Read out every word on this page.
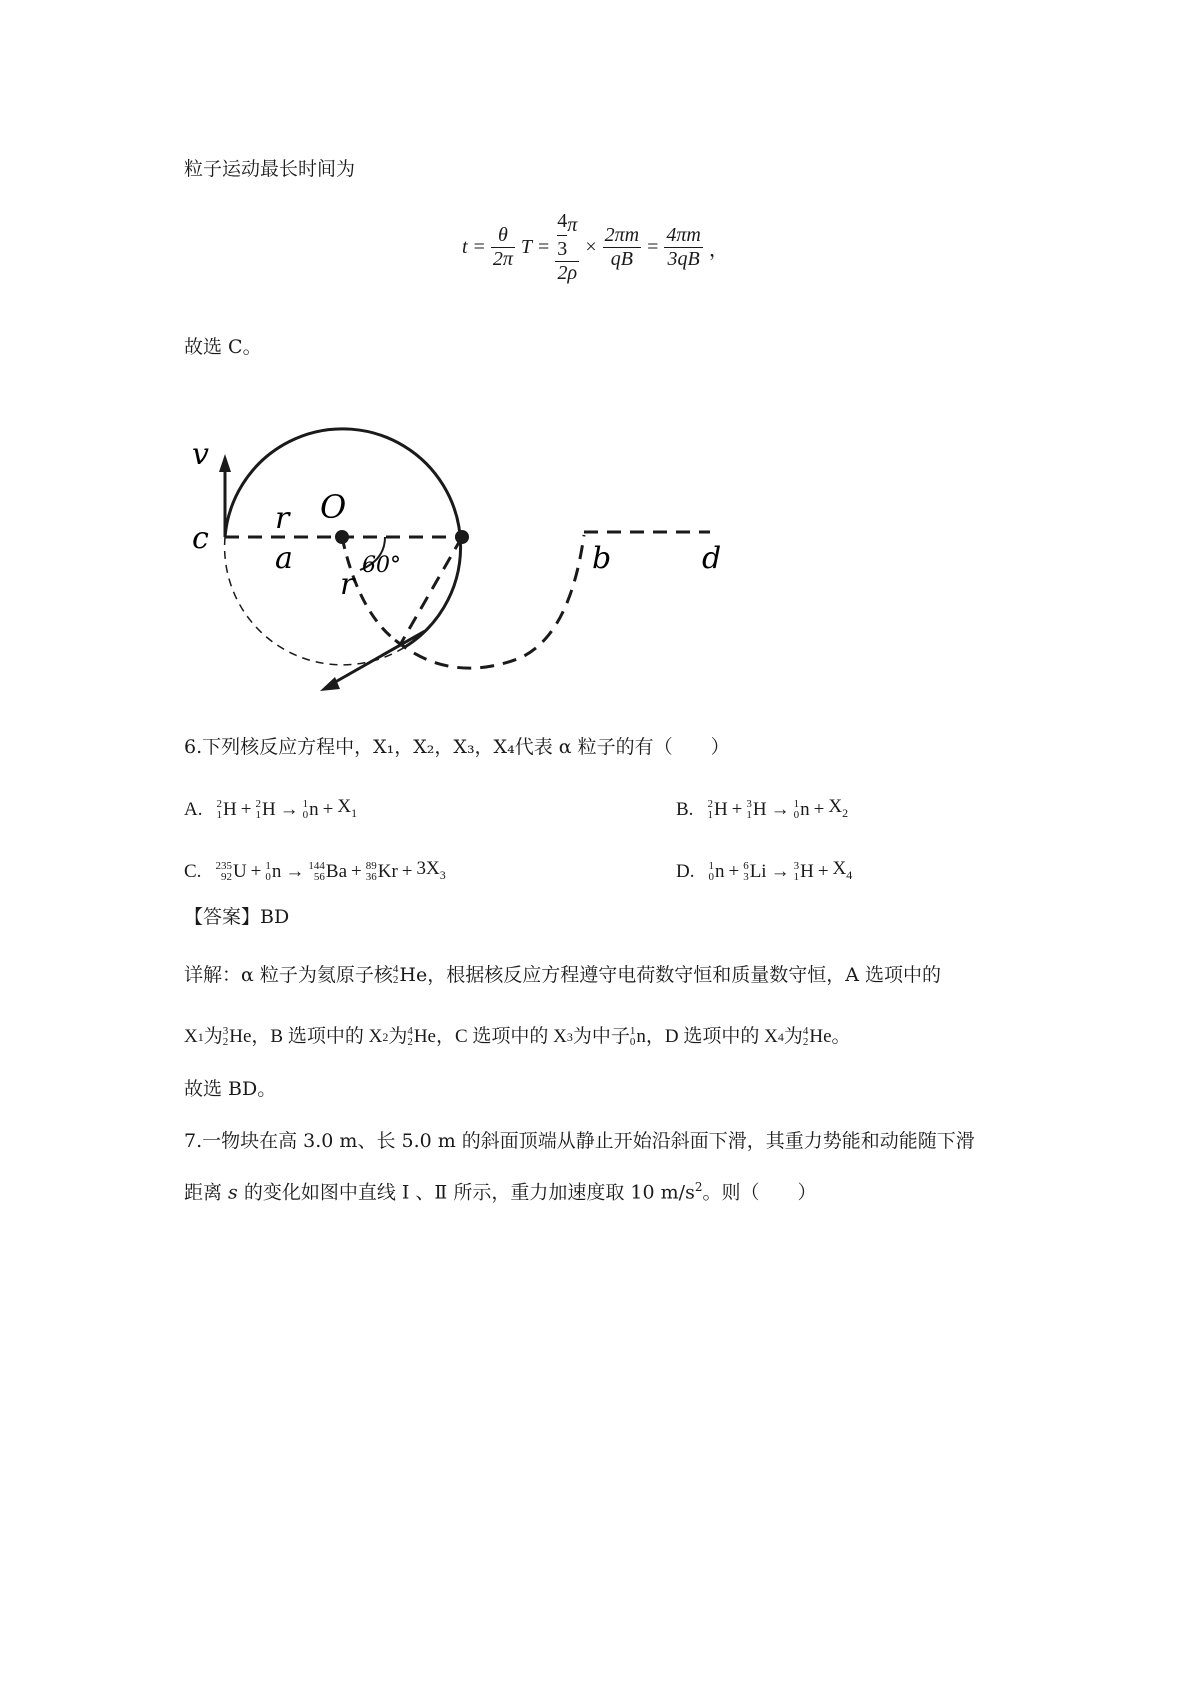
粒子运动最长时间为
$t = \frac{\theta}{2\pi}$ T = 4
3
π
$2\rho \times \frac{2\pi m}{qB} = \frac{4\pi m}{3qB}$ ，
故选 C。
v
r O
c
a	60°
r
b	d
6.下列核反应方程中，X₁，X₂，X₃，X₄代表 α 粒子的有（　　）
A. 2
1 H + 2
1 H → 1
0 $n + X_1$	B. 2
1 H + 3
1 H → 1
0 $n + X_2$
C. 235
92 U + 1
0 n → 144
56 Ba + 89
36 $Kr + 3X_3$	D. 1
0 n + 6
3 Li → 3
1 $H + X_4$
【答案】BD
详解：α 粒子为氦原子核 4
2 He，根据核反应方程遵守电荷数守恒和质量数守恒，A 选项中的
X 1 为 3
2 He，B 选项中的 X 2 为 4
2 He，C 选项中的 X 3 为中子 1
0 n，D 选项中的 X 4 为 4
2 He。
故选 BD。
7.一物块在高 3.0 m、长 5.0 m 的斜面顶端从静止开始沿斜面下滑，其重力势能和动能随下滑
距离 s 的变化如图中直线 Ⅰ 、Ⅱ 所示，重力加速度取 10 $m/s^2$。则（　　）
